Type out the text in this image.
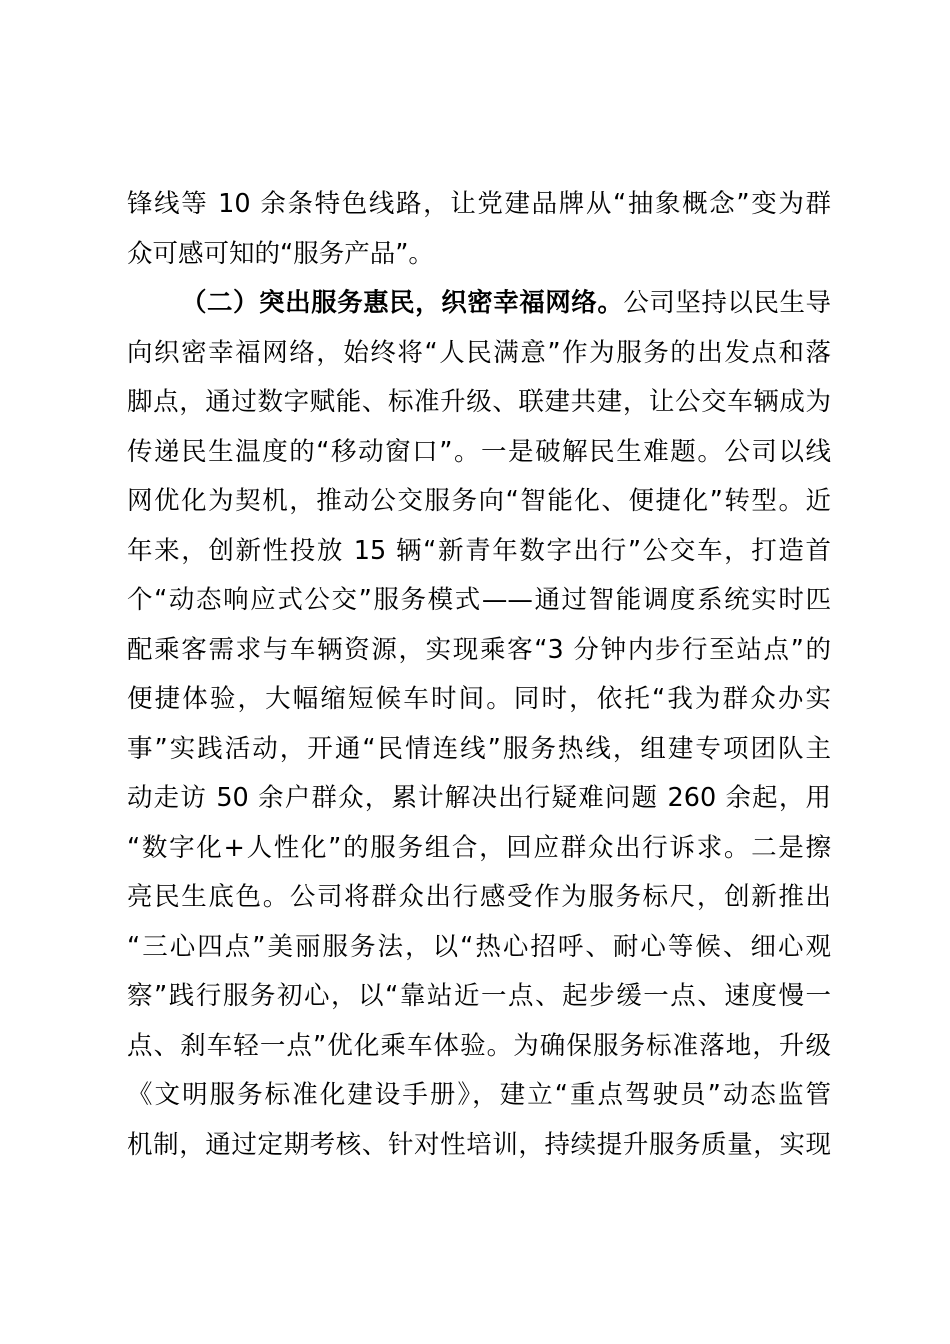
锋线等 10 余条特色线路，让党建品牌从“抽象概念”变为群
众可感可知的“服务产品”。
（二）突出服务惠民，织密幸福网络。公司坚持以民生导
向织密幸福网络，始终将“人民满意”作为服务的出发点和落
脚点，通过数字赋能、标准升级、联建共建，让公交车辆成为
传递民生温度的“移动窗口”。一是破解民生难题。公司以线
网优化为契机，推动公交服务向“智能化、便捷化”转型。近
年来，创新性投放 15 辆“新青年数字出行”公交车，打造首
个“动态响应式公交”服务模式——通过智能调度系统实时匹
配乘客需求与车辆资源，实现乘客“3 分钟内步行至站点”的
便捷体验，大幅缩短候车时间。同时，依托“我为群众办实
事”实践活动，开通“民情连线”服务热线，组建专项团队主
动走访 50 余户群众，累计解决出行疑难问题 260 余起，用
“数字化+人性化”的服务组合，回应群众出行诉求。二是擦
亮民生底色。公司将群众出行感受作为服务标尺，创新推出
“三心四点”美丽服务法，以“热心招呼、耐心等候、细心观
察”践行服务初心，以“靠站近一点、起步缓一点、速度慢一
点、刹车轻一点”优化乘车体验。为确保服务标准落地，升级
《文明服务标准化建设手册》，建立“重点驾驶员”动态监管
机制，通过定期考核、针对性培训，持续提升服务质量，实现
